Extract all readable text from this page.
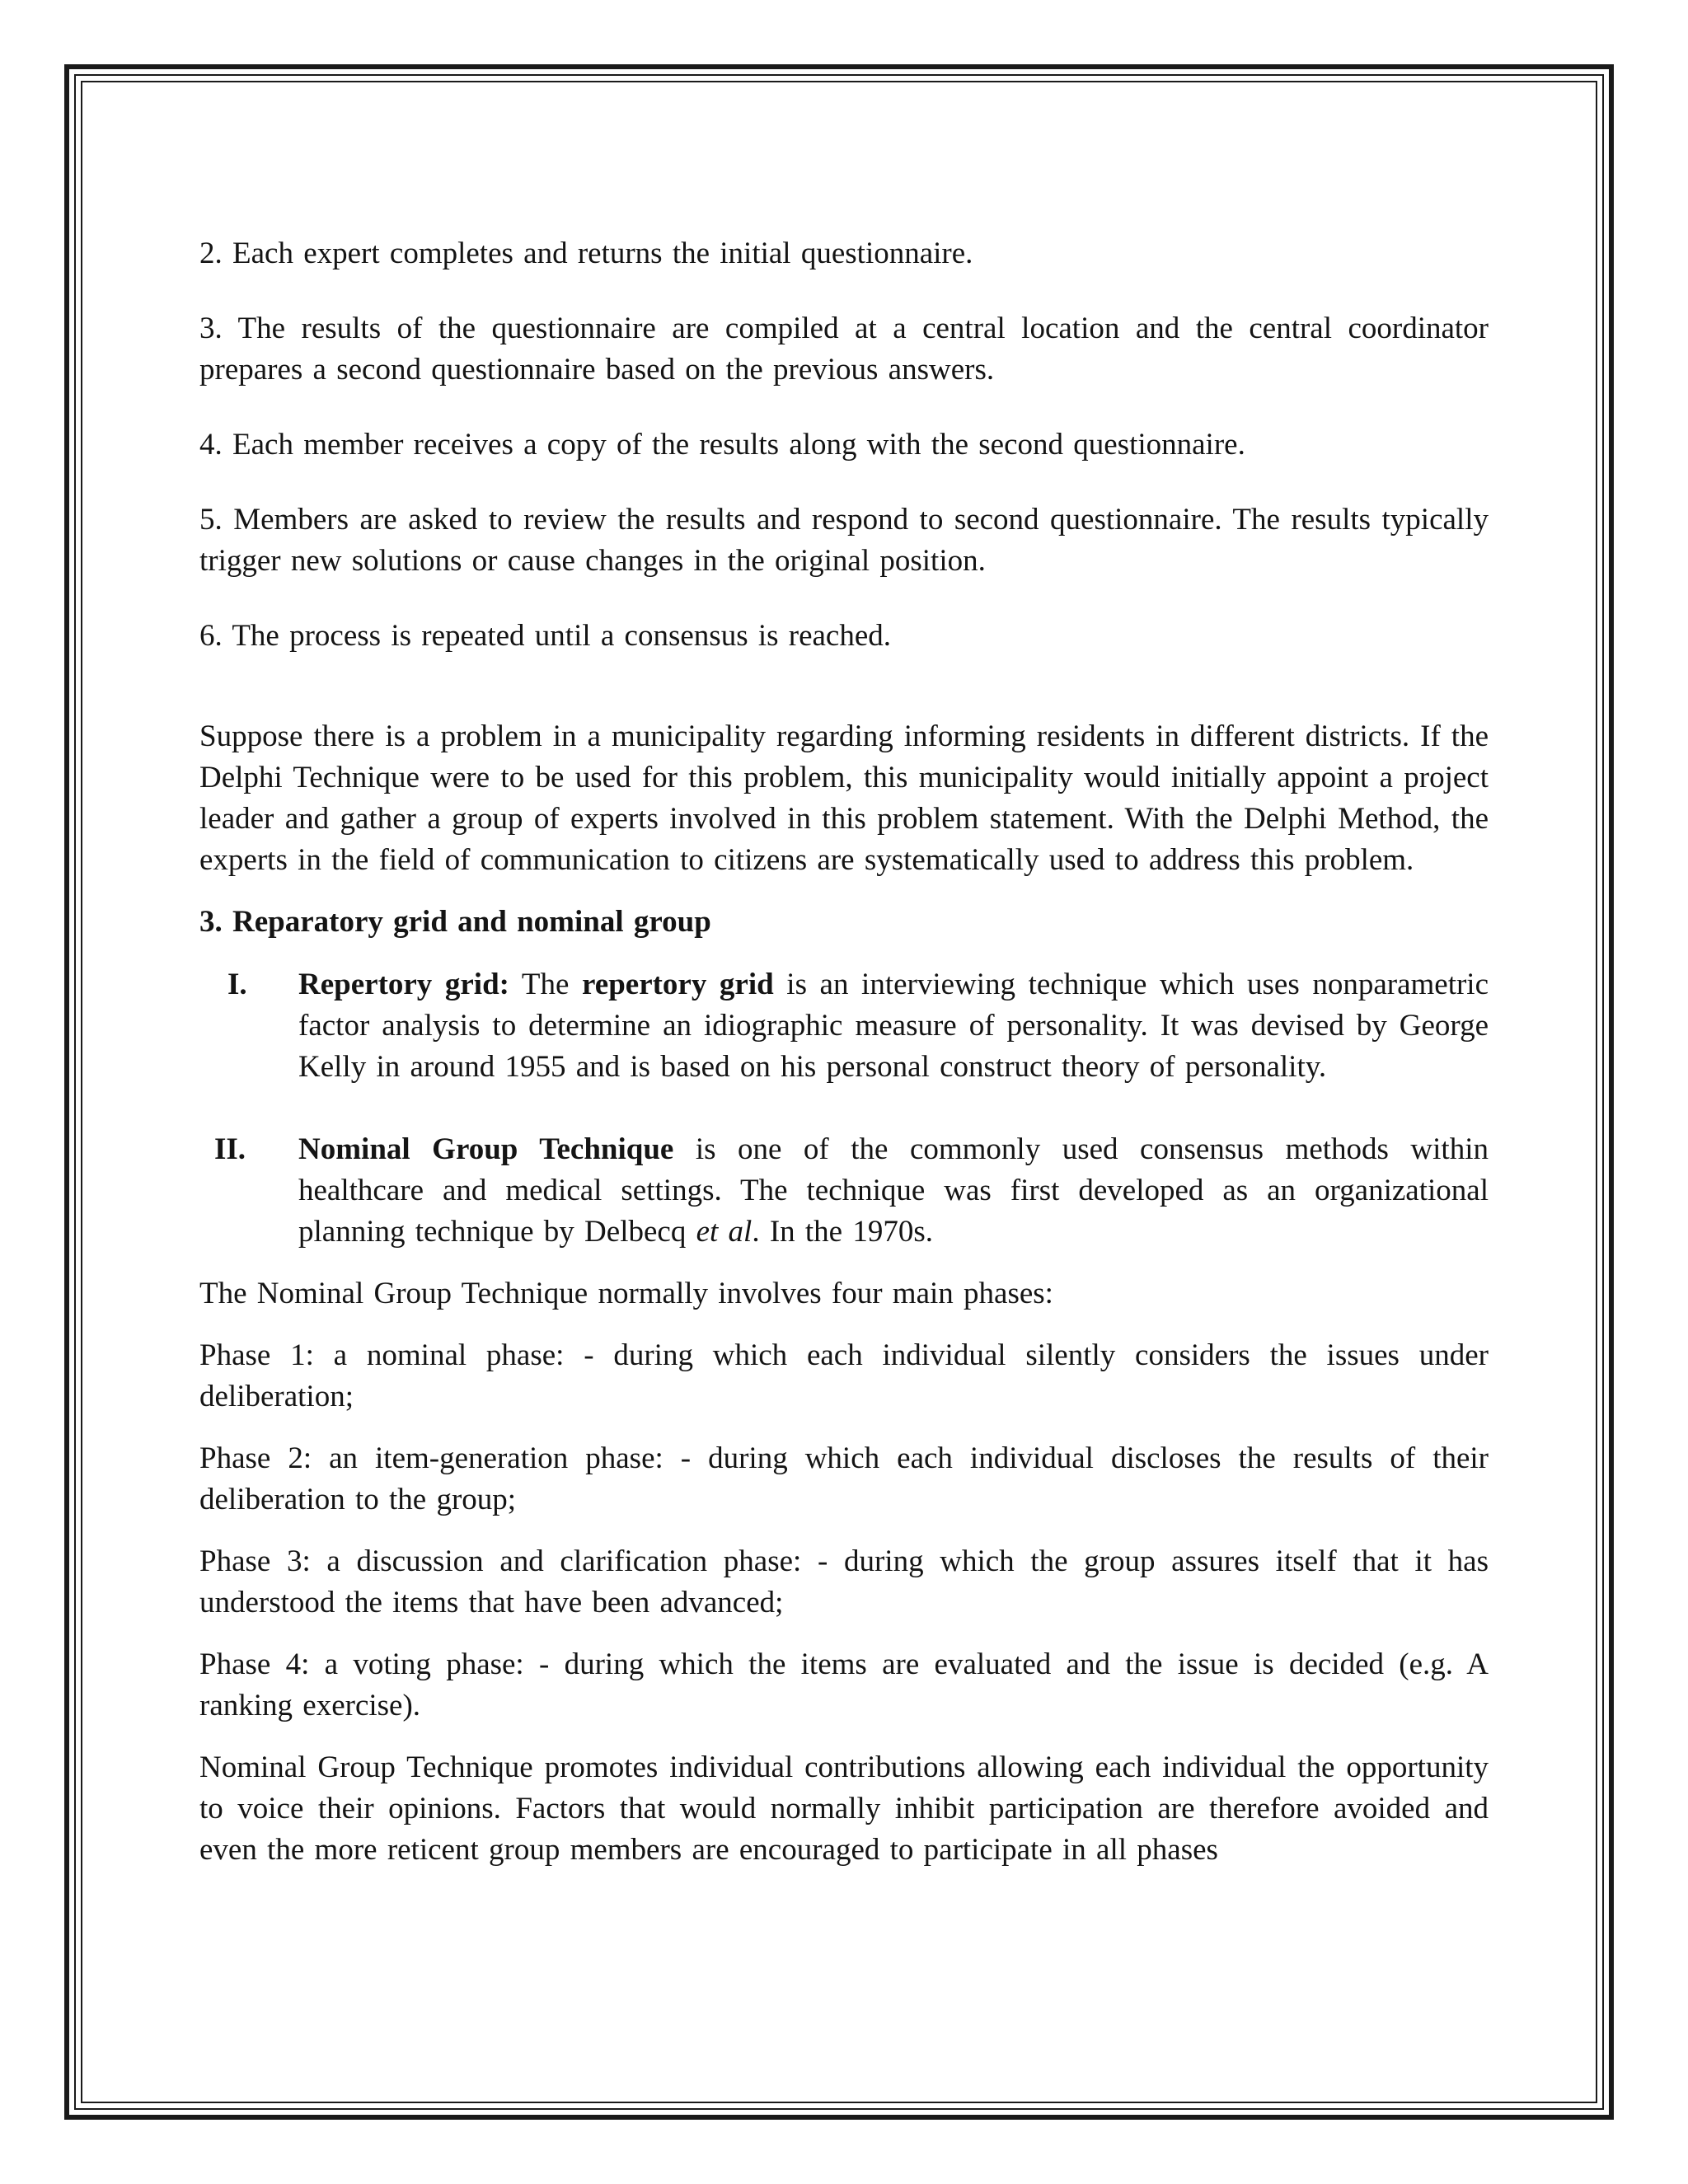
2. Each expert completes and returns the initial questionnaire.

3. The results of the questionnaire are compiled at a central location and the central coordinator prepares a second questionnaire based on the previous answers.

4. Each member receives a copy of the results along with the second questionnaire.

5. Members are asked to review the results and respond to second questionnaire. The results typically trigger new solutions or cause changes in the original position.

6. The process is repeated until a consensus is reached.

Suppose there is a problem in a municipality regarding informing residents in different districts. If the Delphi Technique were to be used for this problem, this municipality would initially appoint a project leader and gather a group of experts involved in this problem statement. With the Delphi Method, the experts in the field of communication to citizens are systematically used to address this problem.

3. Reparatory grid and nominal group

I. Repertory grid: The repertory grid is an interviewing technique which uses nonparametric factor analysis to determine an idiographic measure of personality. It was devised by George Kelly in around 1955 and is based on his personal construct theory of personality.

II. Nominal Group Technique is one of the commonly used consensus methods within healthcare and medical settings. The technique was first developed as an organizational planning technique by Delbecq et al. In the 1970s.

The Nominal Group Technique normally involves four main phases:

Phase 1: a nominal phase: - during which each individual silently considers the issues under deliberation;

Phase 2: an item-generation phase: - during which each individual discloses the results of their deliberation to the group;

Phase 3: a discussion and clarification phase: - during which the group assures itself that it has understood the items that have been advanced;

Phase 4: a voting phase: - during which the items are evaluated and the issue is decided (e.g. A ranking exercise).

Nominal Group Technique promotes individual contributions allowing each individual the opportunity to voice their opinions. Factors that would normally inhibit participation are therefore avoided and even the more reticent group members are encouraged to participate in all phases
